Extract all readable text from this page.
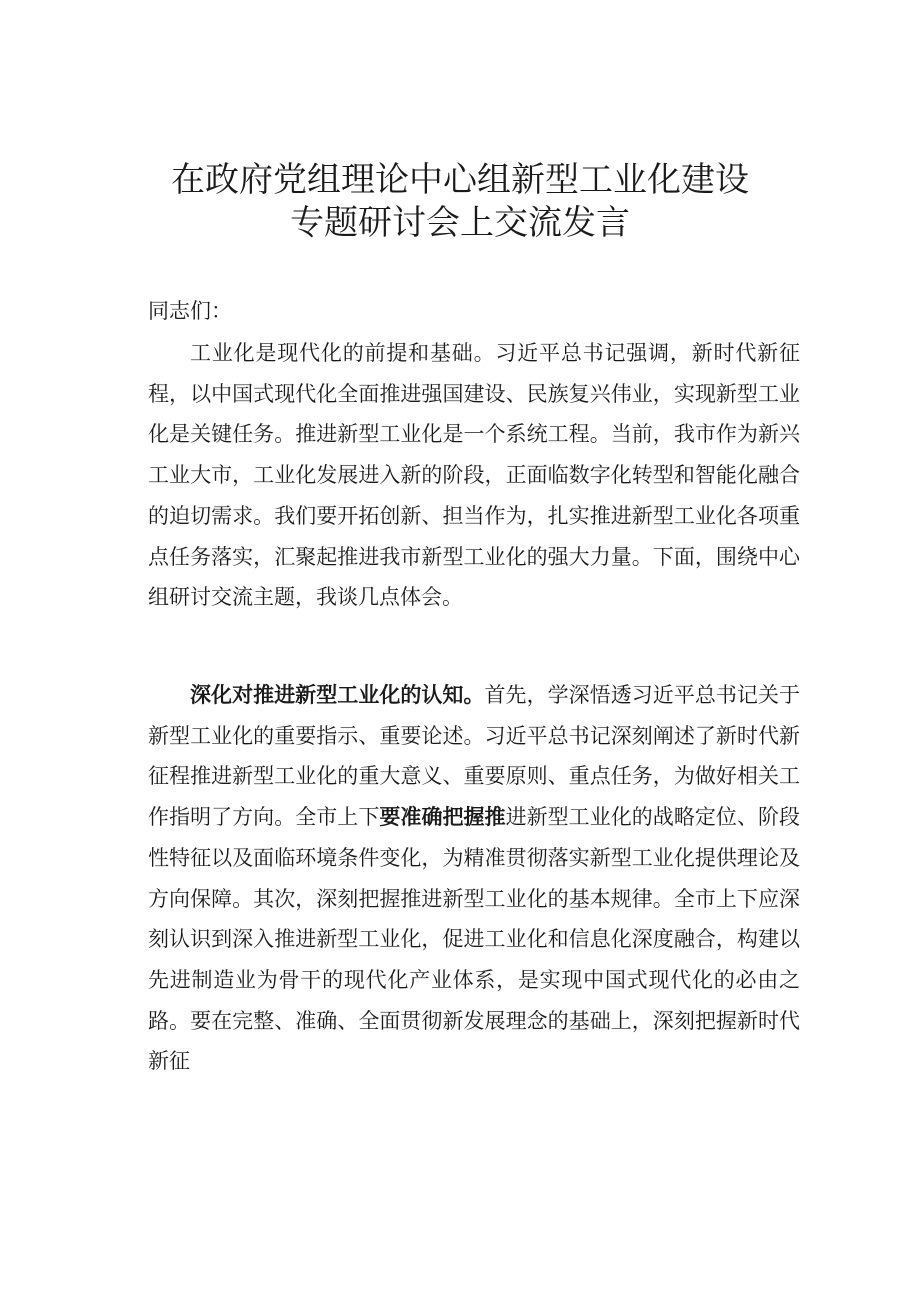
在政府党组理论中心组新型工业化建设
专题研讨会上交流发言

同志们：

工业化是现代化的前提和基础。习近平总书记强调，新时代新征程，以中国式现代化全面推进强国建设、民族复兴伟业，实现新型工业化是关键任务。推进新型工业化是一个系统工程。当前，我市作为新兴工业大市，工业化发展进入新的阶段，正面临数字化转型和智能化融合的迫切需求。我们要开拓创新、担当作为，扎实推进新型工业化各项重点任务落实，汇聚起推进我市新型工业化的强大力量。下面，围绕中心组研讨交流主题，我谈几点体会。

深化对推进新型工业化的认知。首先，学深悟透习近平总书记关于新型工业化的重要指示、重要论述。习近平总书记深刻阐述了新时代新征程推进新型工业化的重大意义、重要原则、重点任务，为做好相关工作指明了方向。全市上下要准确把握推进新型工业化的战略定位、阶段性特征以及面临环境条件变化，为精准贯彻落实新型工业化提供理论及方向保障。其次，深刻把握推进新型工业化的基本规律。全市上下应深刻认识到深入推进新型工业化，促进工业化和信息化深度融合，构建以先进制造业为骨干的现代化产业体系，是实现中国式现代化的必由之路。要在完整、准确、全面贯彻新发展理念的基础上，深刻把握新时代新征
